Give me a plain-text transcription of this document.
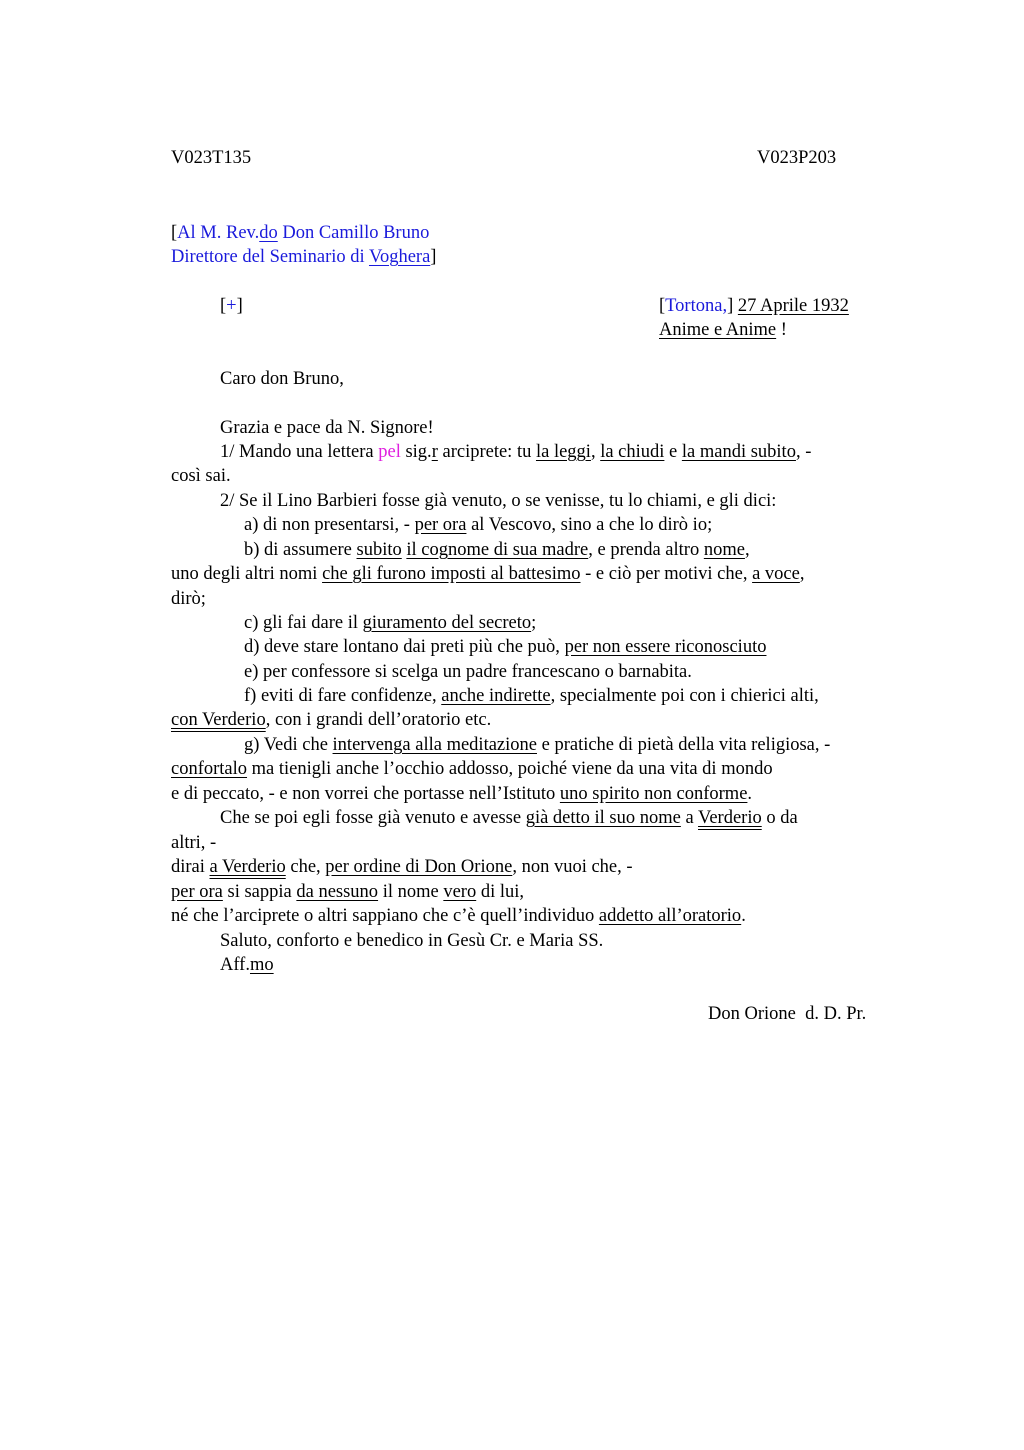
V023T135	V023P203
[Al M. Rev.do Don Camillo Bruno
Direttore del Seminario di Voghera]
[+]	[Tortona,] 27 Aprile 1932
Anime e Anime !
Caro don Bruno,
Grazia e pace da N. Signore!
1/ Mando una lettera pel sig.r arciprete: tu la leggi, la chiudi e la mandi subito, -
così sai.
2/ Se il Lino Barbieri fosse già venuto, o se venisse, tu lo chiami, e gli dici:
a) di non presentarsi, - per ora al Vescovo, sino a che lo dirò io;
b) di assumere subito il cognome di sua madre, e prenda altro nome,
uno degli altri nomi che gli furono imposti al battesimo - e ciò per motivi che, a voce,
dirò;
c) gli fai dare il giuramento del secreto;
d) deve stare lontano dai preti più che può, per non essere riconosciuto
e) per confessore si scelga un padre francescano o barnabita.
f) eviti di fare confidenze, anche indirette, specialmente poi con i chierici alti,
con Verderio, con i grandi dell’oratorio etc.
g) Vedi che intervenga alla meditazione e pratiche di pietà della vita religiosa, -
confortalo ma tienigli anche l’occhio addosso, poiché viene da una vita di mondo
e di peccato, - e non vorrei che portasse nell’Istituto uno spirito non conforme.
Che se poi egli fosse già venuto e avesse già detto il suo nome a Verderio o da
altri, -
dirai a Verderio che, per ordine di Don Orione, non vuoi che, -
per ora si sappia da nessuno il nome vero di lui,
né che l’arciprete o altri sappiano che c’è quell’individuo addetto all’oratorio.
Saluto, conforto e benedico in Gesù Cr. e Maria SS.
Aff.mo
Don Orione  d. D. Pr.
